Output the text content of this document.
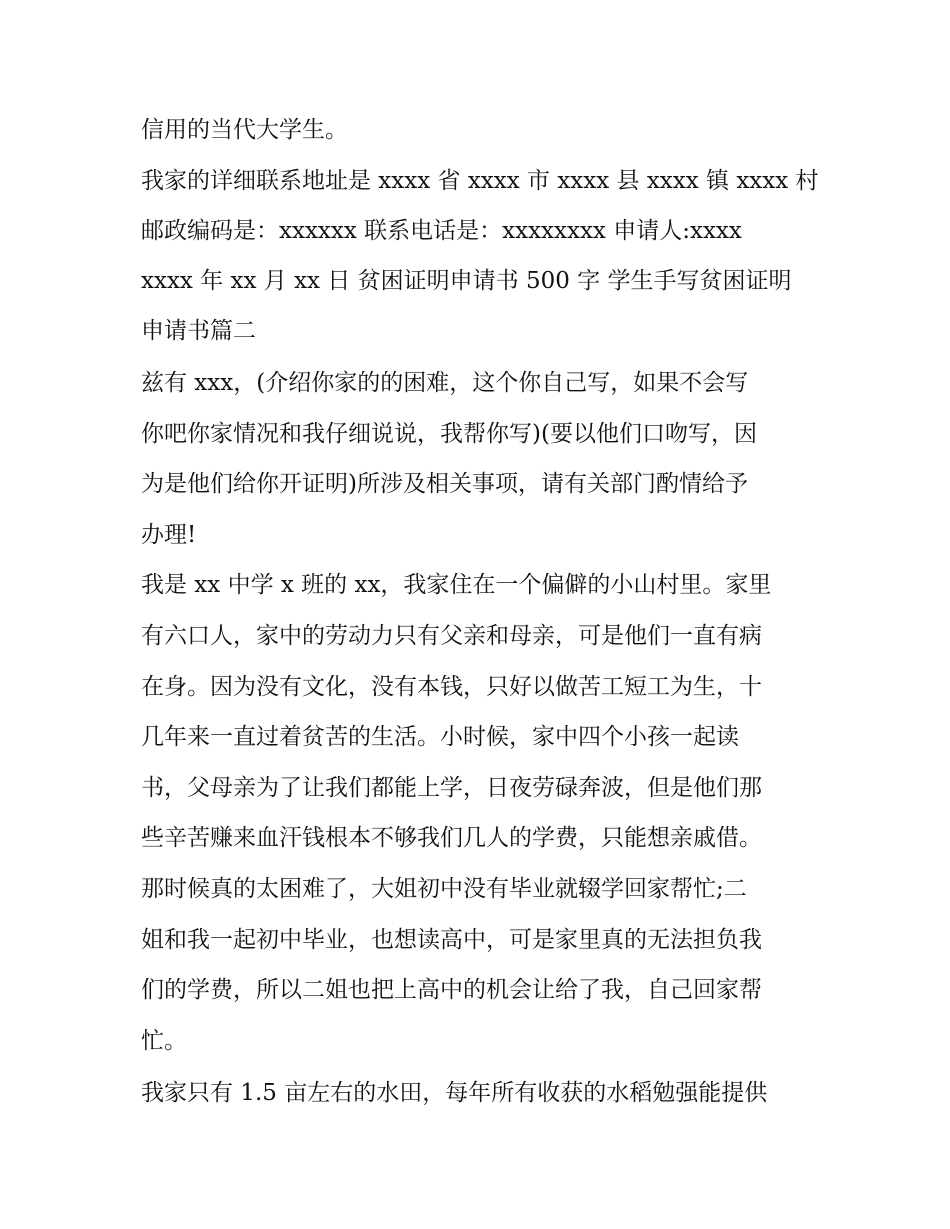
信用的当代大学生。
我家的详细联系地址是 xxxx 省 xxxx 市 xxxx 县 xxxx 镇 xxxx 村
邮政编码是：xxxxxx 联系电话是：xxxxxxxx 申请人:xxxx
xxxx 年 xx 月 xx 日 贫困证明申请书 500 字 学生手写贫困证明
申请书篇二
兹有 xxx，(介绍你家的的困难，这个你自己写，如果不会写
你吧你家情况和我仔细说说，我帮你写)(要以他们口吻写，因
为是他们给你开证明)所涉及相关事项，请有关部门酌情给予
办理!
我是 xx 中学 x 班的 xx，我家住在一个偏僻的小山村里。家里
有六口人，家中的劳动力只有父亲和母亲，可是他们一直有病
在身。因为没有文化，没有本钱，只好以做苦工短工为生，十
几年来一直过着贫苦的生活。小时候，家中四个小孩一起读
书，父母亲为了让我们都能上学，日夜劳碌奔波，但是他们那
些辛苦赚来血汗钱根本不够我们几人的学费，只能想亲戚借。
那时候真的太困难了，大姐初中没有毕业就辍学回家帮忙;二
姐和我一起初中毕业，也想读高中，可是家里真的无法担负我
们的学费，所以二姐也把上高中的机会让给了我，自己回家帮
忙。
我家只有 1.5 亩左右的水田，每年所有收获的水稻勉强能提供
